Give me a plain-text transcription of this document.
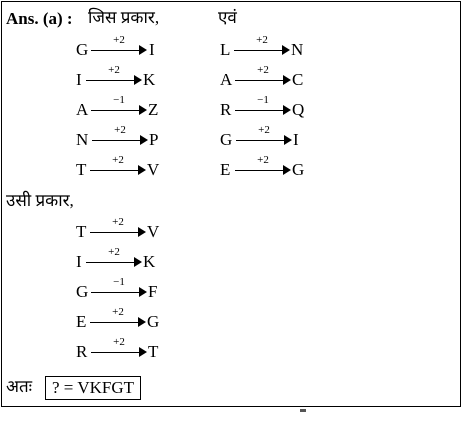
Ans. (a) : जिस प्रकार,	एवं
G	+2	I
I	+2	K
A	−1	Z
N	+2	P
T	+2	V
L	+2	N
A	+2	C
R	−1	Q
G	+2	I
E	+2	G
उसी प्रकार,
T	+2	V
I	+2	K
G	−1	F
E	+2	G
R	+2	T
अतः	? = VKFGT
